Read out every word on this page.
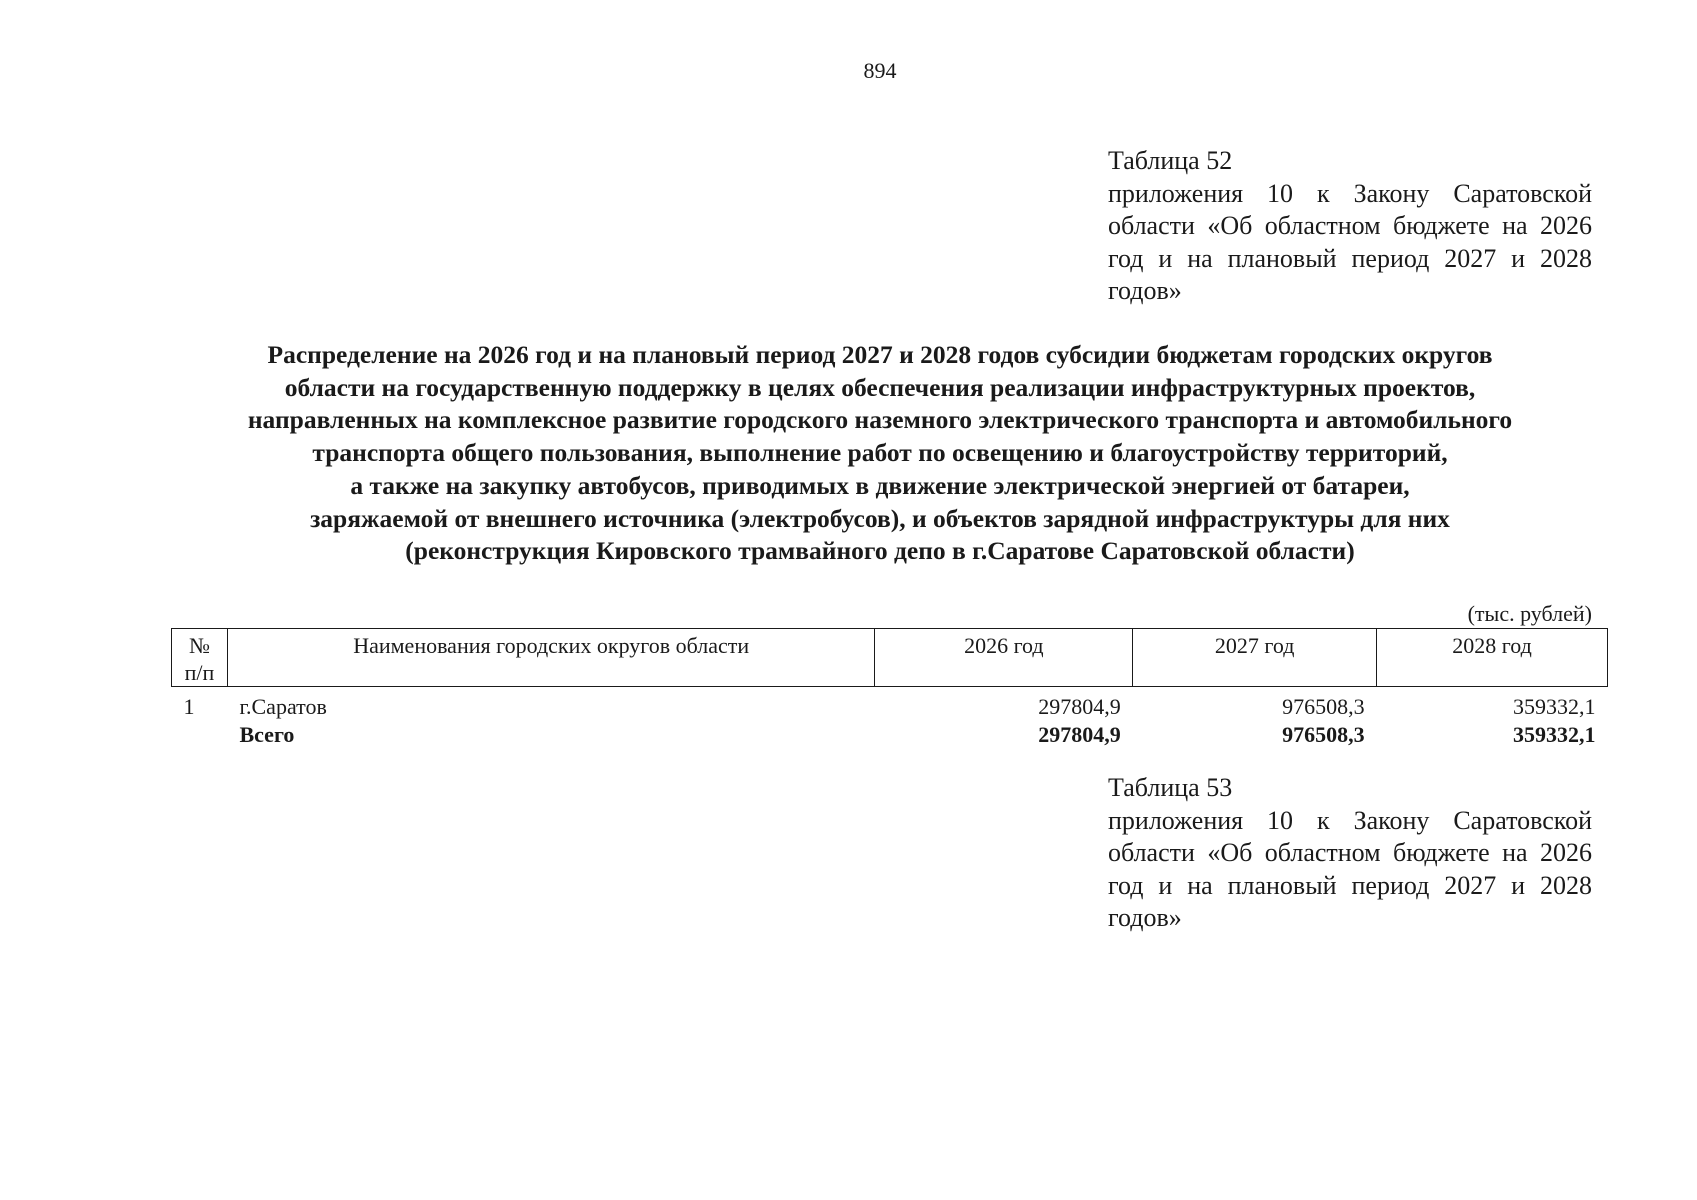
894
Таблица 52
приложения 10 к Закону Саратовской области «Об областном бюджете на 2026 год и на плановый период 2027 и 2028 годов»
Распределение на 2026 год и на плановый период 2027 и 2028 годов субсидии бюджетам городских округов
области на государственную поддержку в целях обеспечения реализации инфраструктурных проектов,
направленных на комплексное развитие городского наземного электрического транспорта и автомобильного
транспорта общего пользования, выполнение работ по освещению и благоустройству территорий,
а также на закупку автобусов, приводимых в движение электрической энергией от батареи,
заряжаемой от внешнего источника (электробусов), и объектов зарядной инфраструктуры для них
(реконструкция Кировского трамвайного депо в г.Саратове Саратовской области)
(тыс. рублей)
№ п/п	Наименования городских округов области	2026 год	2027 год	2028 год
1	г.Саратов	297804,9	976508,3	359332,1
	Всего	297804,9	976508,3	359332,1
Таблица 53
приложения 10 к Закону Саратовской области «Об областном бюджете на 2026 год и на плановый период 2027 и 2028 годов»
